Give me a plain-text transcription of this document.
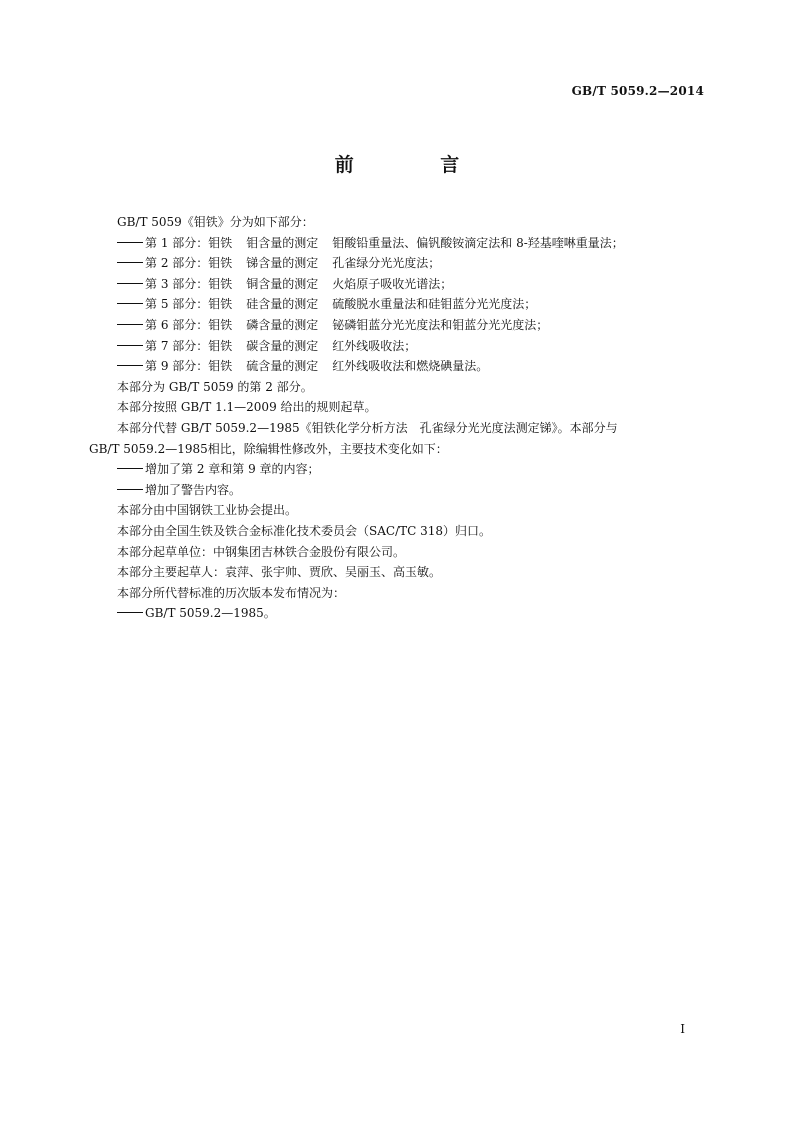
GB/T 5059.2—2014
前 言
GB/T 5059《钼铁》分为如下部分：
第 1 部分：钼铁 钼含量的测定 钼酸铅重量法、偏钒酸铵滴定法和 8-羟基喹啉重量法；
第 2 部分：钼铁 锑含量的测定 孔雀绿分光光度法；
第 3 部分：钼铁 铜含量的测定 火焰原子吸收光谱法；
第 5 部分：钼铁 硅含量的测定 硫酸脱水重量法和硅钼蓝分光光度法；
第 6 部分：钼铁 磷含量的测定 铋磷钼蓝分光光度法和钼蓝分光光度法；
第 7 部分：钼铁 碳含量的测定 红外线吸收法；
第 9 部分：钼铁 硫含量的测定 红外线吸收法和燃烧碘量法。
本部分为 GB/T 5059 的第 2 部分。
本部分按照 GB/T 1.1—2009 给出的规则起草。
本部分代替 GB/T 5059.2—1985《钼铁化学分析方法　孔雀绿分光光度法测定锑》。本部分与
GB/T 5059.2—1985相比，除编辑性修改外，主要技术变化如下：
增加了第 2 章和第 9 章的内容；
增加了警告内容。
本部分由中国钢铁工业协会提出。
本部分由全国生铁及铁合金标准化技术委员会（SAC/TC 318）归口。
本部分起草单位：中钢集团吉林铁合金股份有限公司。
本部分主要起草人：袁萍、张宇帅、贾欣、吴丽玉、高玉敏。
本部分所代替标准的历次版本发布情况为：
GB/T 5059.2—1985。
I
